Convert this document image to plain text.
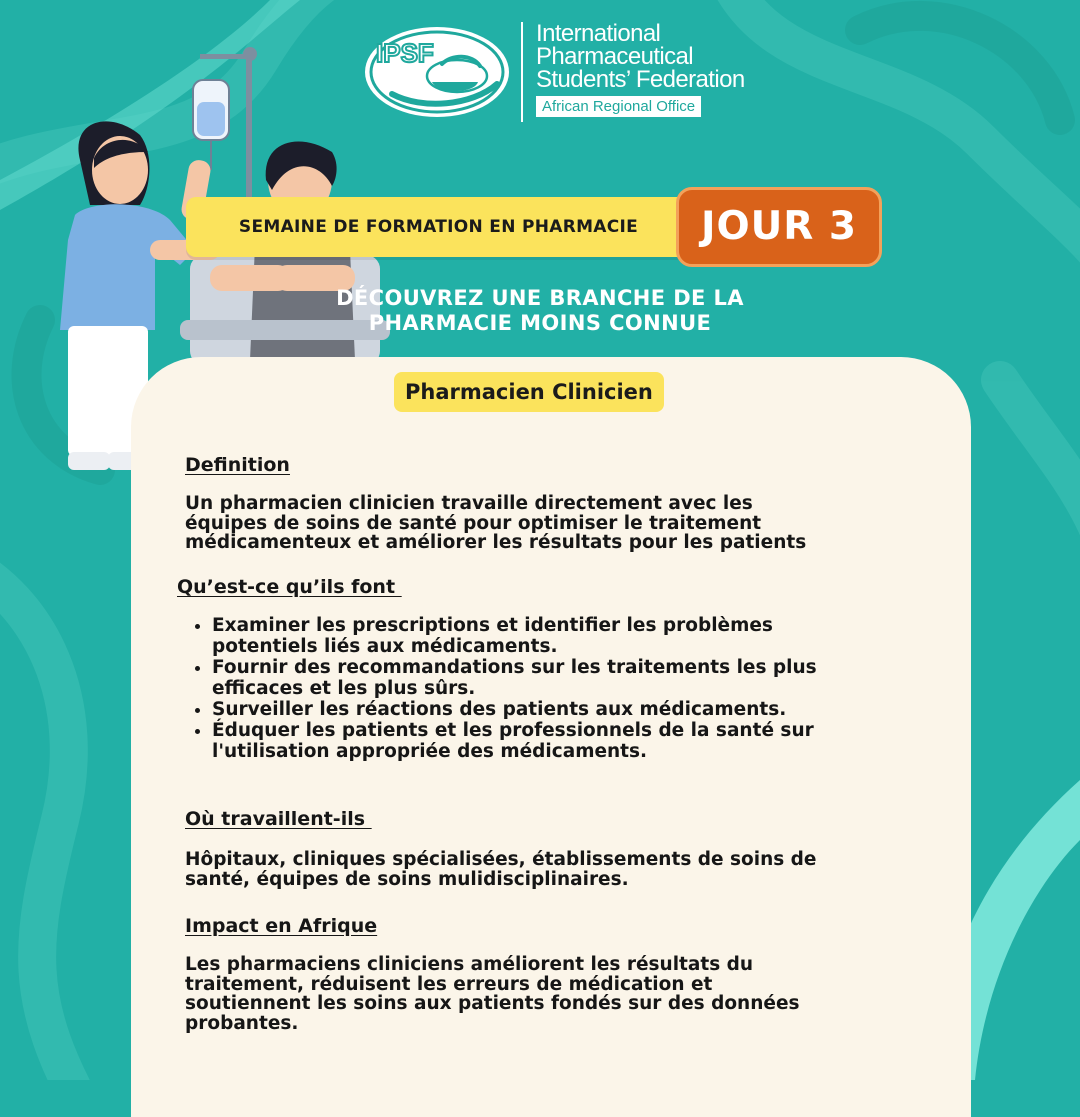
IPSF
International
Pharmaceutical
Students’ Federation
African Regional Office
SEMAINE DE FORMATION EN PHARMACIE	JOUR 3
DÉCOUVREZ UNE BRANCHE DE LA
PHARMACIE MOINS CONNUE
Pharmacien Clinicien
Definition
Un pharmacien clinicien travaille directement avec les
équipes de soins de santé pour optimiser le traitement
médicamenteux et améliorer les résultats pour les patients
Qu’est-ce qu’ils font
• Examiner les prescriptions et identifier les problèmes
potentiels liés aux médicaments.
• Fournir des recommandations sur les traitements les plus
efficaces et les plus sûrs.
• Surveiller les réactions des patients aux médicaments.
• Éduquer les patients et les professionnels de la santé sur
l'utilisation appropriée des médicaments.
Où travaillent-ils
Hôpitaux, cliniques spécialisées, établissements de soins de
santé, équipes de soins mulidisciplinaires.
Impact en Afrique
Les pharmaciens cliniciens améliorent les résultats du
traitement, réduisent les erreurs de médication et
soutiennent les soins aux patients fondés sur des données
probantes.
